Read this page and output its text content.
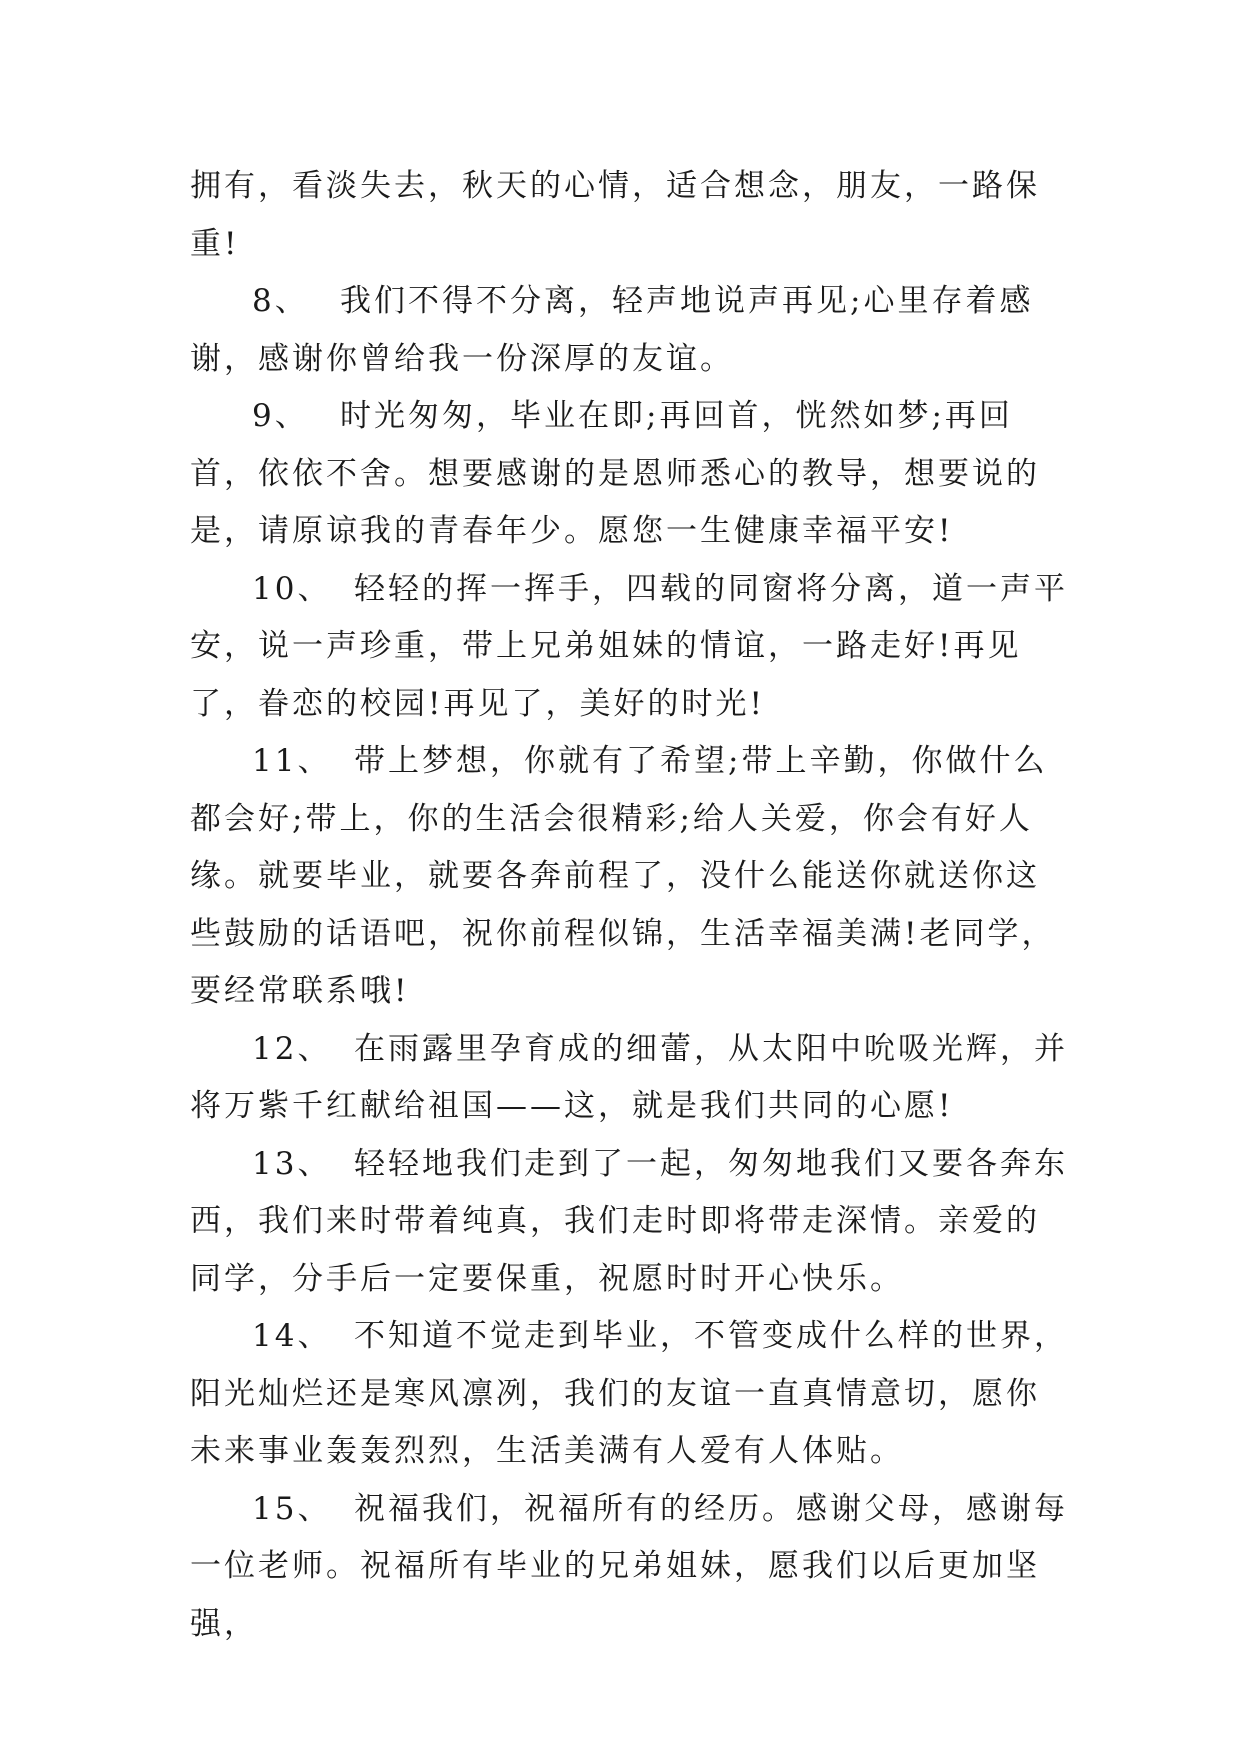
拥有，看淡失去，秋天的心情，适合想念，朋友，一路保重!

8、 我们不得不分离，轻声地说声再见;心里存着感谢，感谢你曾给我一份深厚的友谊。

9、 时光匆匆，毕业在即;再回首，恍然如梦;再回首，依依不舍。想要感谢的是恩师悉心的教导，想要说的是，请原谅我的青春年少。愿您一生健康幸福平安!

10、 轻轻的挥一挥手，四载的同窗将分离，道一声平安，说一声珍重，带上兄弟姐妹的情谊，一路走好!再见了，眷恋的校园!再见了，美好的时光!

11、 带上梦想，你就有了希望;带上辛勤，你做什么都会好;带上，你的生活会很精彩;给人关爱，你会有好人缘。就要毕业，就要各奔前程了，没什么能送你就送你这些鼓励的话语吧，祝你前程似锦，生活幸福美满!老同学，要经常联系哦!

12、 在雨露里孕育成的细蕾，从太阳中吮吸光辉，并将万紫千红献给祖国——这，就是我们共同的心愿!

13、 轻轻地我们走到了一起，匆匆地我们又要各奔东西，我们来时带着纯真，我们走时即将带走深情。亲爱的同学，分手后一定要保重，祝愿时时开心快乐。

14、 不知道不觉走到毕业，不管变成什么样的世界，阳光灿烂还是寒风凛冽，我们的友谊一直真情意切，愿你未来事业轰轰烈烈，生活美满有人爱有人体贴。

15、 祝福我们，祝福所有的经历。感谢父母，感谢每一位老师。祝福所有毕业的兄弟姐妹，愿我们以后更加坚强，
